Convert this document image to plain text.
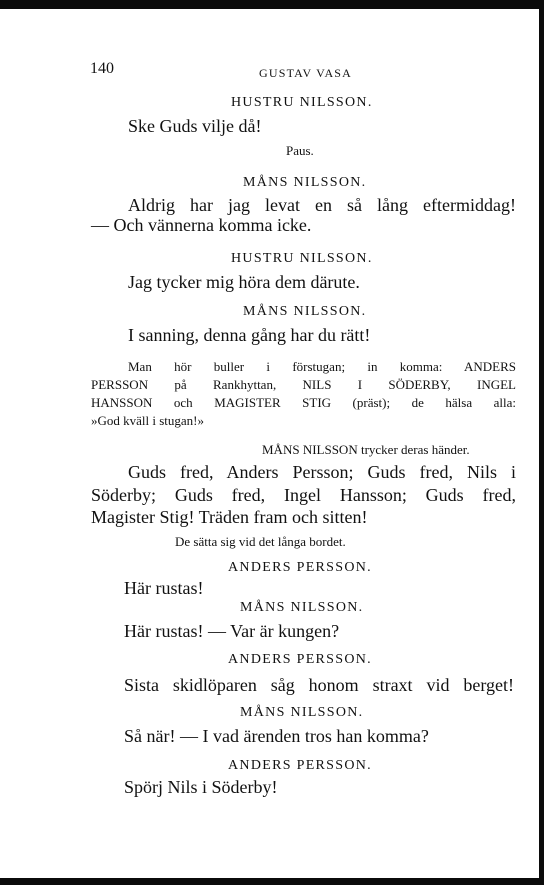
140	GUSTAV VASA
HUSTRU NILSSON.
Ske Guds vilje då!
Paus.
MÅNS NILSSON.
Aldrig har jag levat en så lång eftermiddag!
— Och vännerna komma icke.
HUSTRU NILSSON.
Jag tycker mig höra dem därute.
MÅNS NILSSON.
I sanning, denna gång har du rätt!
Man hör buller i förstugan; in komma: ANDERS
PERSSON på Rankhyttan, NILS I SÖDERBY, INGEL
HANSSON och MAGISTER STIG (präst); de hälsa alla:
»God kväll i stugan!»
MÅNS NILSSON trycker deras händer.
Guds fred, Anders Persson; Guds fred, Nils i
Söderby; Guds fred, Ingel Hansson; Guds fred,
Magister Stig! Träden fram och sitten!
De sätta sig vid det långa bordet.
ANDERS PERSSON.
Här rustas!
MÅNS NILSSON.
Här rustas! — Var är kungen?
ANDERS PERSSON.
Sista skidlöparen såg honom straxt vid berget!
MÅNS NILSSON.
Så när! — I vad ärenden tros han komma?
ANDERS PERSSON.
Spörj Nils i Söderby!
